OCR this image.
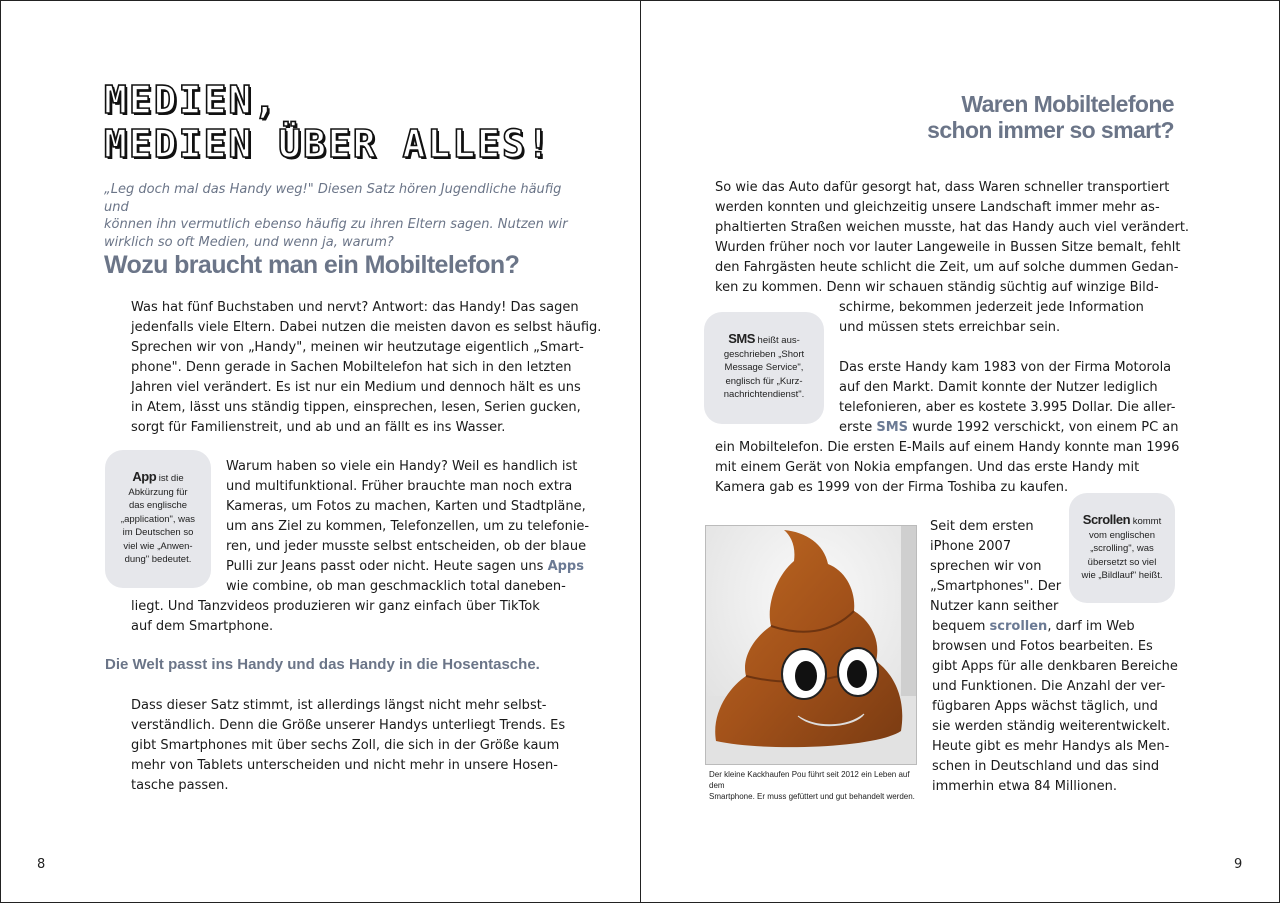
MEDIEN,
MEDIEN ÜBER ALLES!
„Leg doch mal das Handy weg!" Diesen Satz hören Jugendliche häufig und
können ihn vermutlich ebenso häufig zu ihren Eltern sagen. Nutzen wir
wirklich so oft Medien, und wenn ja, warum?
Wozu braucht man ein Mobiltelefon?
Was hat fünf Buchstaben und nervt? Antwort: das Handy! Das sagen
jedenfalls viele Eltern. Dabei nutzen die meisten davon es selbst häufig.
Sprechen wir von „Handy", meinen wir heutzutage eigentlich „Smart-
phone". Denn gerade in Sachen Mobiltelefon hat sich in den letzten
Jahren viel verändert. Es ist nur ein Medium und dennoch hält es uns
in Atem, lässt uns ständig tippen, einsprechen, lesen, Serien gucken,
sorgt für Familienstreit, und ab und an fällt es ins Wasser.
App ist die
Abkürzung für
das englische
„application", was
im Deutschen so
viel wie „Anwen-
dung" bedeutet.
Warum haben so viele ein Handy? Weil es handlich ist
und multifunktional. Früher brauchte man noch extra
Kameras, um Fotos zu machen, Karten und Stadtpläne,
um ans Ziel zu kommen, Telefonzellen, um zu telefonie-
ren, und jeder musste selbst entscheiden, ob der blaue
Pulli zur Jeans passt oder nicht. Heute sagen uns Apps
wie combine, ob man geschmacklich total daneben-
liegt. Und Tanzvideos produzieren wir ganz einfach über TikTok
auf dem Smartphone.
Die Welt passt ins Handy und das Handy in die Hosentasche.
Dass dieser Satz stimmt, ist allerdings längst nicht mehr selbst-
verständlich. Denn die Größe unserer Handys unterliegt Trends. Es
gibt Smartphones mit über sechs Zoll, die sich in der Größe kaum
mehr von Tablets unterscheiden und nicht mehr in unsere Hosen-
tasche passen.
8
Waren Mobiltelefone
schon immer so smart?
So wie das Auto dafür gesorgt hat, dass Waren schneller transportiert
werden konnten und gleichzeitig unsere Landschaft immer mehr as-
phaltierten Straßen weichen musste, hat das Handy auch viel verändert.
Wurden früher noch vor lauter Langeweile in Bussen Sitze bemalt, fehlt
den Fahrgästen heute schlicht die Zeit, um auf solche dummen Gedan-
ken zu kommen. Denn wir schauen ständig süchtig auf winzige Bild-
SMS heißt aus-
geschrieben „Short
Message Service",
englisch für „Kurz-
nachrichtendienst".
schirme, bekommen jederzeit jede Information
und müssen stets erreichbar sein.
Das erste Handy kam 1983 von der Firma Motorola
auf den Markt. Damit konnte der Nutzer lediglich
telefonieren, aber es kostete 3.995 Dollar. Die aller-
erste SMS wurde 1992 verschickt, von einem PC an
ein Mobiltelefon. Die ersten E-Mails auf einem Handy konnte man 1996
mit einem Gerät von Nokia empfangen. Und das erste Handy mit
Kamera gab es 1999 von der Firma Toshiba zu kaufen.
Scrollen kommt
vom englischen
„scrolling", was
übersetzt so viel
wie „Bildlauf" heißt.
Der kleine Kackhaufen Pou führt seit 2012 ein Leben auf dem
Smartphone. Er muss gefüttert und gut behandelt werden.
Seit dem ersten
iPhone 2007
sprechen wir von
„Smartphones". Der
Nutzer kann seither
bequem scrollen, darf im Web
browsen und Fotos bearbeiten. Es
gibt Apps für alle denkbaren Bereiche
und Funktionen. Die Anzahl der ver-
fügbaren Apps wächst täglich, und
sie werden ständig weiterentwickelt.
Heute gibt es mehr Handys als Men-
schen in Deutschland und das sind
immerhin etwa 84 Millionen.
9
